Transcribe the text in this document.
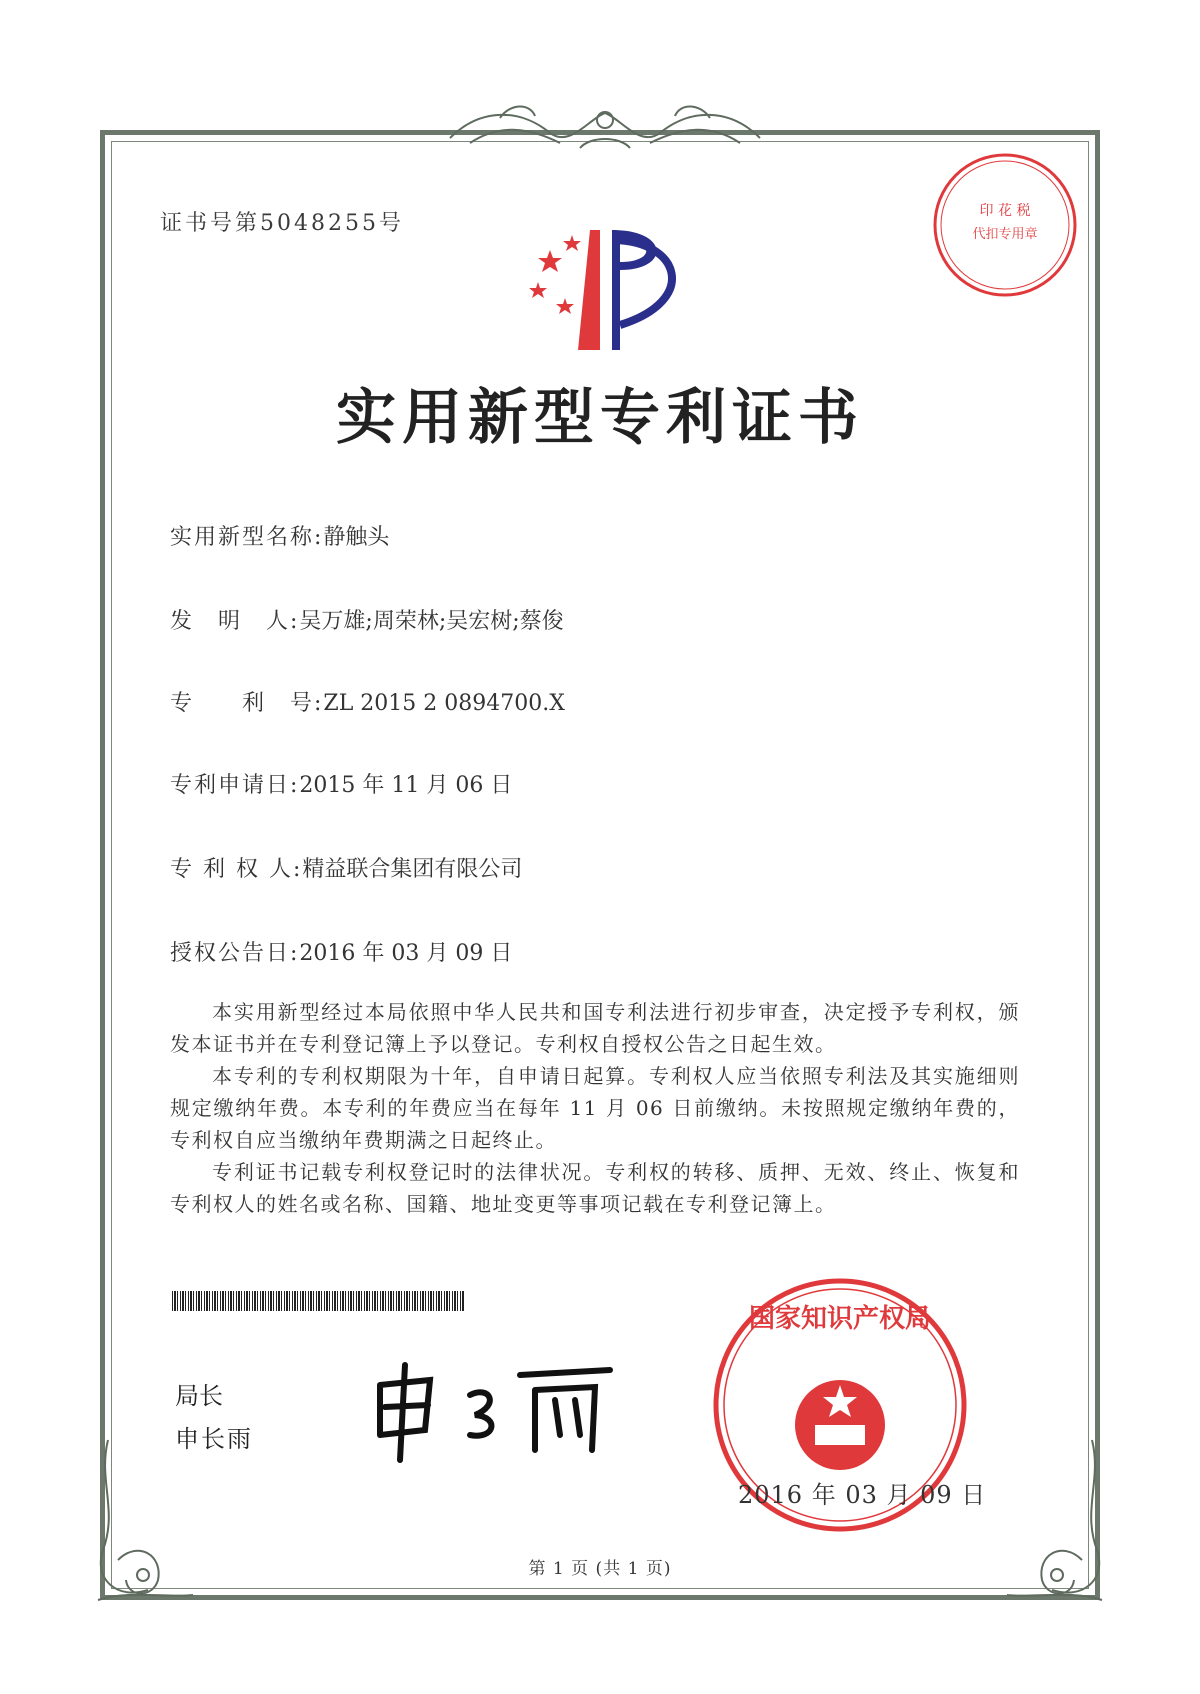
证书号第5048255号	印 花 税
代扣专用章
实用新型专利证书
实用新型名称:静触头
发　明　人:吴万雄;周荣林;吴宏树;蔡俊
专　　利　号:ZL 2015 2 0894700.X
专利申请日:2015 年 11 月 06 日
专 利 权 人:精益联合集团有限公司
授权公告日:2016 年 03 月 09 日

本实用新型经过本局依照中华人民共和国专利法进行初步审查，决定授予专利权，颁发本证书并在专利登记簿上予以登记。专利权自授权公告之日起生效。

本专利的专利权期限为十年，自申请日起算。专利权人应当依照专利法及其实施细则规定缴纳年费。本专利的年费应当在每年 11 月 06 日前缴纳。未按照规定缴纳年费的，专利权自应当缴纳年费期满之日起终止。

专利证书记载专利权登记时的法律状况。专利权的转移、质押、无效、终止、恢复和专利权人的姓名或名称、国籍、地址变更等事项记载在专利登记簿上。

局长
申长雨
国家知识产权局
2016 年 03 月 09 日
第 1 页 (共 1 页)
